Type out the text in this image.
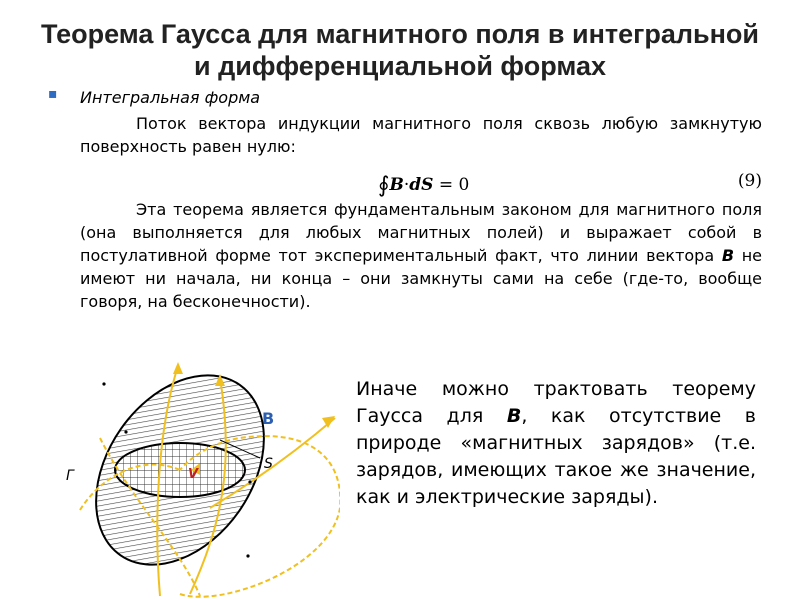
Теорема Гаусса для магнитного поля в интегральной и дифференциальной формах
▪ Интегральная форма
Поток вектора индукции магнитного поля сквозь любую замкнутую поверхность равен нулю:
∮B·dS = 0	(9)
Эта теорема является фундаментальным законом для магнитного поля (она выполняется для любых магнитных полей) и выражает собой в постулативной форме тот экспериментальный факт, что линии вектора B не имеют ни начала, ни конца – они замкнуты сами на себе (где-то, вообще говоря, на бесконечности).
B
S
Г	V
Иначе можно трактовать теорему Гаусса для B, как отсутствие в природе «магнитных зарядов» (т.е. зарядов, имеющих такое же значение, как и электрические заряды).
